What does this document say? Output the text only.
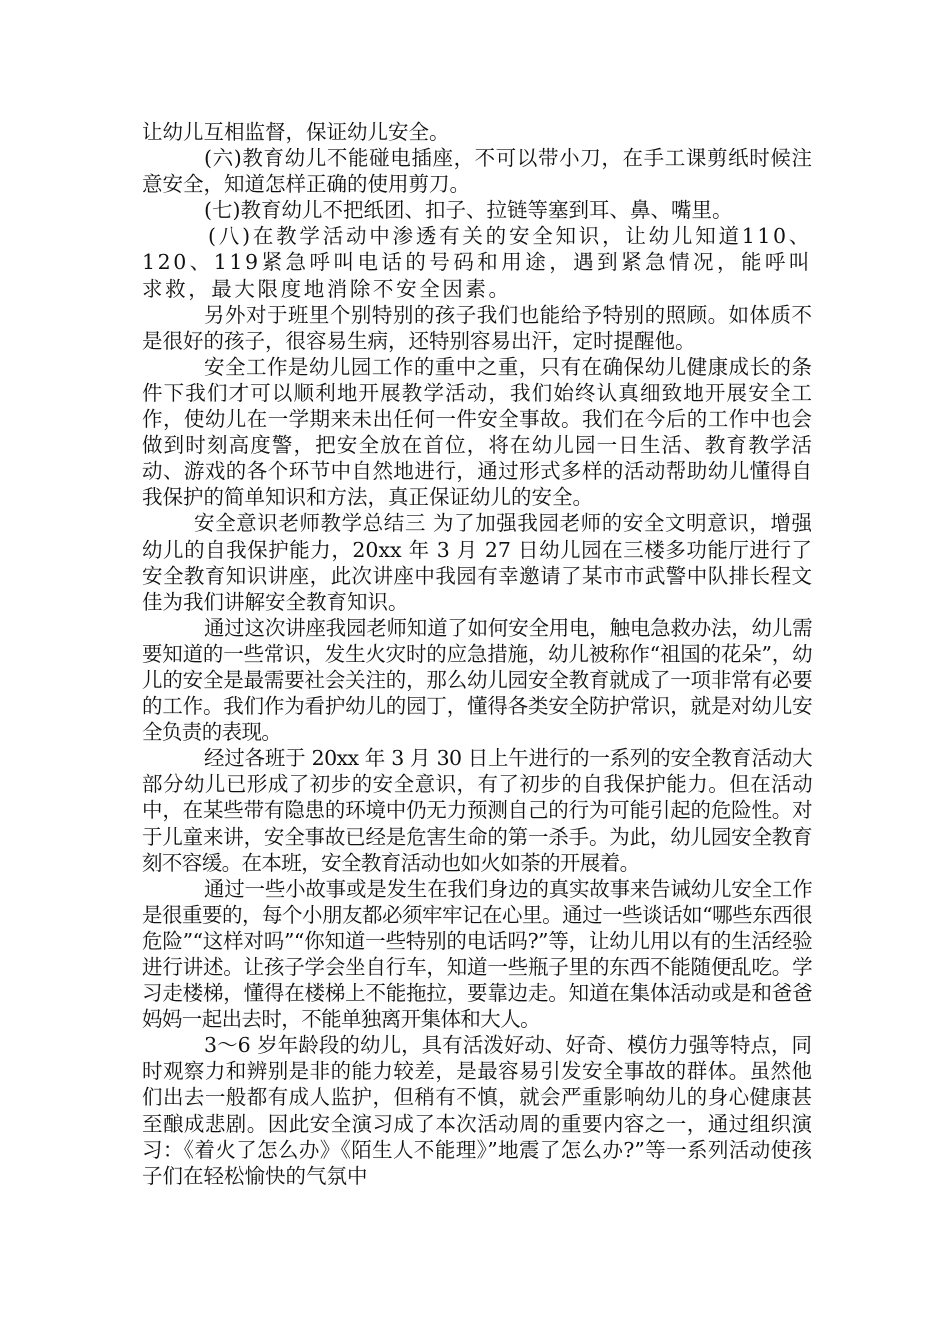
让幼儿互相监督，保证幼儿安全。

(六)教育幼儿不能碰电插座，不可以带小刀，在手工课剪纸时候注意安全，知道怎样正确的使用剪刀。

(七)教育幼儿不把纸团、扣子、拉链等塞到耳、鼻、嘴里。

(八)在教学活动中渗透有关的安全知识，让幼儿知道110、120、119紧急呼叫电话的号码和用途，遇到紧急情况，能呼叫求救，最大限度地消除不安全因素。

另外对于班里个别特别的孩子我们也能给予特别的照顾。如体质不是很好的孩子，很容易生病，还特别容易出汗，定时提醒他。

安全工作是幼儿园工作的重中之重，只有在确保幼儿健康成长的条件下我们才可以顺利地开展教学活动，我们始终认真细致地开展安全工作，使幼儿在一学期来未出任何一件安全事故。我们在今后的工作中也会做到时刻高度警，把安全放在首位，将在幼儿园一日生活、教育教学活动、游戏的各个环节中自然地进行，通过形式多样的活动帮助幼儿懂得自我保护的简单知识和方法，真正保证幼儿的安全。

安全意识老师教学总结三 为了加强我园老师的安全文明意识，增强幼儿的自我保护能力，20xx 年 3 月 27 日幼儿园在三楼多功能厅进行了安全教育知识讲座，此次讲座中我园有幸邀请了某市市武警中队排长程文佳为我们讲解安全教育知识。

通过这次讲座我园老师知道了如何安全用电，触电急救办法，幼儿需要知道的一些常识，发生火灾时的应急措施，幼儿被称作“祖国的花朵”，幼儿的安全是最需要社会关注的，那么幼儿园安全教育就成了一项非常有必要的工作。我们作为看护幼儿的园丁，懂得各类安全防护常识，就是对幼儿安全负责的表现。

经过各班于 20xx 年 3 月 30 日上午进行的一系列的安全教育活动大部分幼儿已形成了初步的安全意识，有了初步的自我保护能力。但在活动中，在某些带有隐患的环境中仍无力预测自己的行为可能引起的危险性。对于儿童来讲，安全事故已经是危害生命的第一杀手。为此，幼儿园安全教育刻不容缓。在本班，安全教育活动也如火如荼的开展着。

通过一些小故事或是发生在我们身边的真实故事来告诫幼儿安全工作是很重要的，每个小朋友都必须牢牢记在心里。通过一些谈话如“哪些东西很危险”“这样对吗”“你知道一些特别的电话吗?”等，让幼儿用以有的生活经验进行讲述。让孩子学会坐自行车，知道一些瓶子里的东西不能随便乱吃。学习走楼梯，懂得在楼梯上不能拖拉，要靠边走。知道在集体活动或是和爸爸妈妈一起出去时，不能单独离开集体和大人。

3～6 岁年龄段的幼儿，具有活泼好动、好奇、模仿力强等特点，同时观察力和辨别是非的能力较差，是最容易引发安全事故的群体。虽然他们出去一般都有成人监护，但稍有不慎，就会严重影响幼儿的身心健康甚至酿成悲剧。因此安全演习成了本次活动周的重要内容之一，通过组织演习：《着火了怎么办》《陌生人不能理》”地震了怎么办?”等一系列活动使孩子们在轻松愉快的气氛中
